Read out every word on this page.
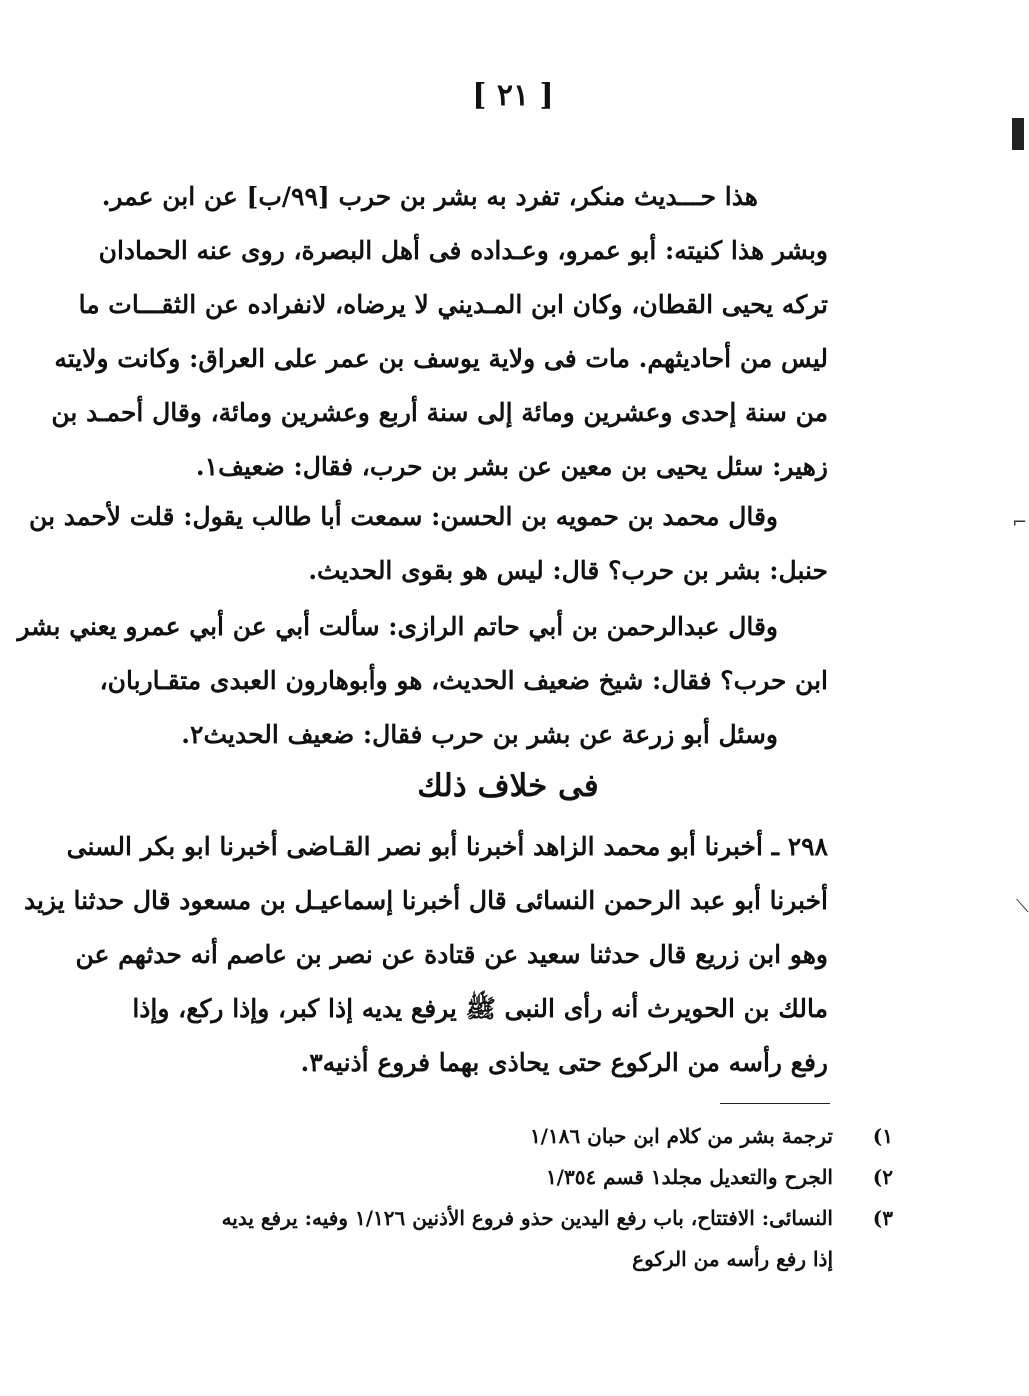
[ ٢١ ]
هذا حـــديث منكر، تفرد به بشر بن حرب [٩٩/ب] عن ابن عمر.
وبشر هذا كنيته: أبو عمرو، وعـداده فى أهل البصرة، روى عنه الحمادان
تركه يحيى القطان، وكان ابن المـديني لا يرضاه، لانفراده عن الثقـــات ما
ليس من أحاديثهم. مات فى ولاية يوسف بن عمر على العراق: وكانت ولايته
من سنة إحدى وعشرين ومائة إلى سنة أربع وعشرين ومائة، وقال أحمـد بن
زهير: سئل يحيى بن معين عن بشر بن حرب، فقال: ضعيف١.
وقال محمد بن حمويه بن الحسن: سمعت أبا طالب يقول: قلت لأحمد بن
حنبل: بشر بن حرب؟ قال: ليس هو بقوى الحديث.
وقال عبدالرحمن بن أبي حاتم الرازى: سألت أبي عن أبي عمرو يعني بشر
ابن حرب؟ فقال: شيخ ضعيف الحديث، هو وأبوهارون العبدى متقـاربان،
وسئل أبو زرعة عن بشر بن حرب فقال: ضعيف الحديث٢.
فى خلاف ذلك
٢٩٨ ـ أخبرنا أبو محمد الزاهد أخبرنا أبو نصر القـاضى أخبرنا ابو بكر السنى
أخبرنا أبو عبد الرحمن النسائى قال أخبرنا إسماعيـل بن مسعود قال حدثنا يزيد
وهو ابن زريع قال حدثنا سعيد عن قتادة عن نصر بن عاصم أنه حدثهم عن
مالك بن الحويرث أنه رأى النبى ﷺ يرفع يديه إذا كبر، وإذا ركع، وإذا
رفع رأسه من الركوع حتى يحاذى بهما فروع أذنيه٣.
١)ترجمة بشر من كلام ابن حبان ١/١٨٦
٢)الجرح والتعديل مجلد١ قسم ١/٣٥٤
٣)النسائى: الافتتاح، باب رفع اليدين حذو فروع الأذنين ١/١٢٦ وفيه: يرفع يديه
إذا رفع رأسه من الركوع
⌐
⟍
